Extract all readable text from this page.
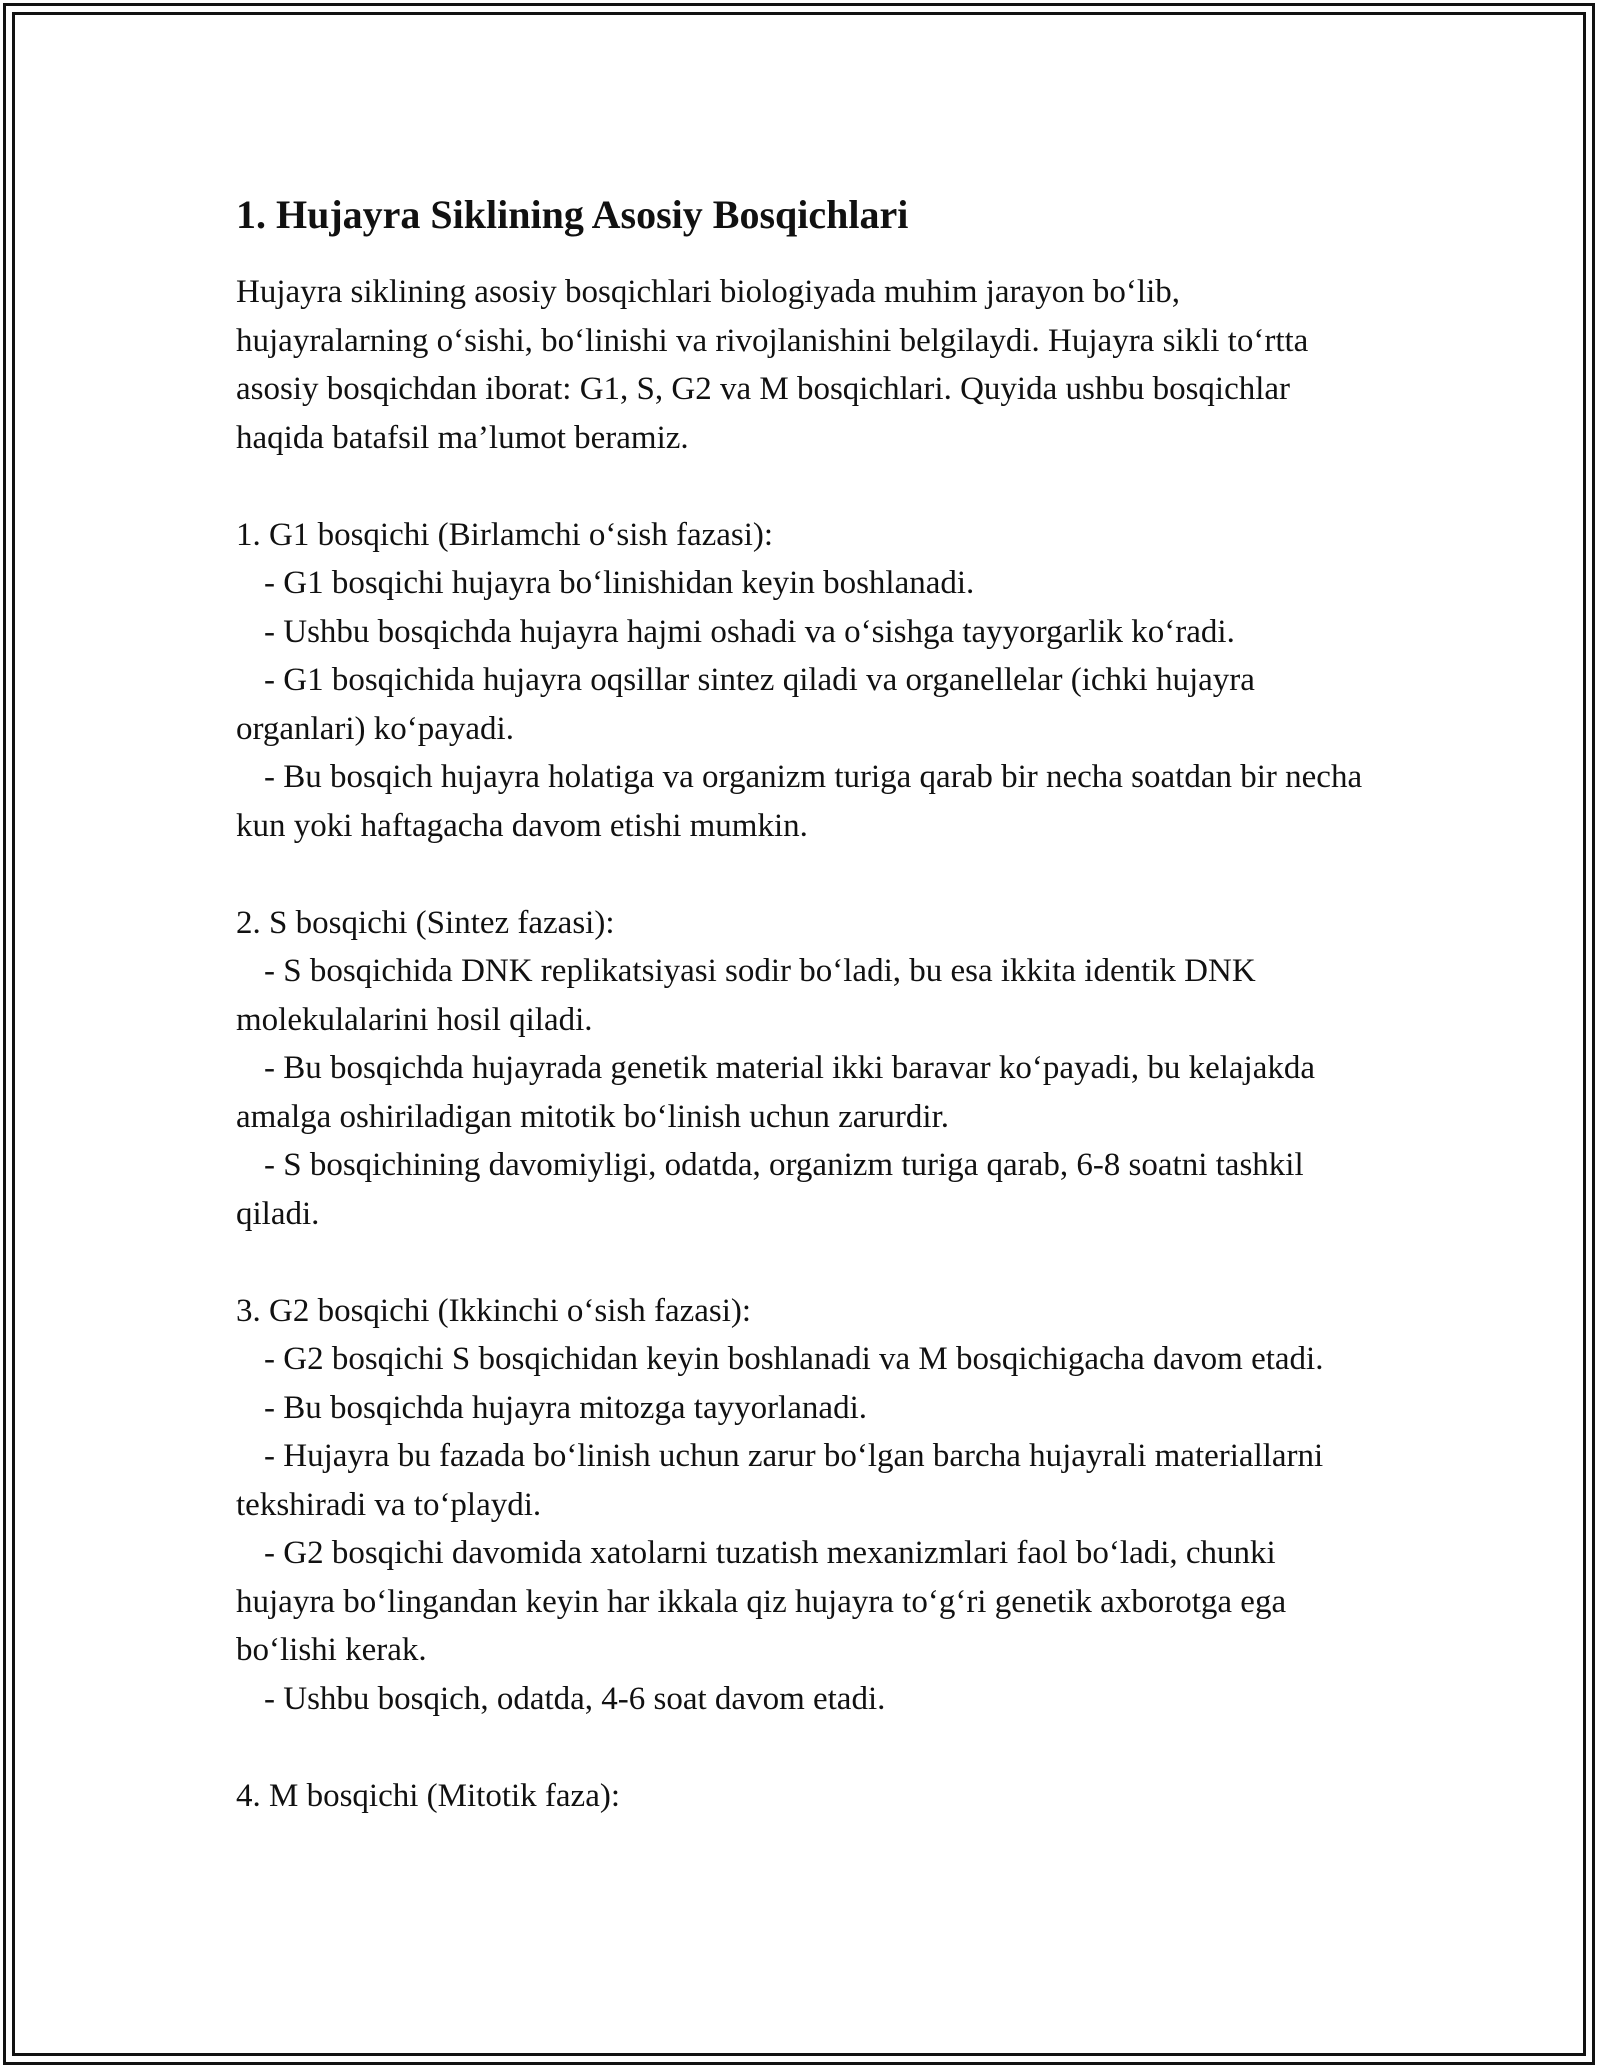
1. Hujayra Siklining Asosiy Bosqichlari

Hujayra siklining asosiy bosqichlari biologiyada muhim jarayon bo‘lib, hujayralarning o‘sishi, bo‘linishi va rivojlanishini belgilaydi. Hujayra sikli to‘rtta asosiy bosqichdan iborat: G1, S, G2 va M bosqichlari. Quyida ushbu bosqichlar haqida batafsil ma’lumot beramiz.

1. G1 bosqichi (Birlamchi o‘sish fazasi):

- G1 bosqichi hujayra bo‘linishidan keyin boshlanadi.

- Ushbu bosqichda hujayra hajmi oshadi va o‘sishga tayyorgarlik ko‘radi.

- G1 bosqichida hujayra oqsillar sintez qiladi va organellelar (ichki hujayra organlari) ko‘payadi.

- Bu bosqich hujayra holatiga va organizm turiga qarab bir necha soatdan bir necha kun yoki haftagacha davom etishi mumkin.

2. S bosqichi (Sintez fazasi):

- S bosqichida DNK replikatsiyasi sodir bo‘ladi, bu esa ikkita identik DNK molekulalarini hosil qiladi.

- Bu bosqichda hujayrada genetik material ikki baravar ko‘payadi, bu kelajakda amalga oshiriladigan mitotik bo‘linish uchun zarurdir.

- S bosqichining davomiyligi, odatda, organizm turiga qarab, 6-8 soatni tashkil qiladi.

3. G2 bosqichi (Ikkinchi o‘sish fazasi):

- G2 bosqichi S bosqichidan keyin boshlanadi va M bosqichigacha davom etadi.

- Bu bosqichda hujayra mitozga tayyorlanadi.

- Hujayra bu fazada bo‘linish uchun zarur bo‘lgan barcha hujayrali materiallarni tekshiradi va to‘playdi.

- G2 bosqichi davomida xatolarni tuzatish mexanizmlari faol bo‘ladi, chunki hujayra bo‘lingandan keyin har ikkala qiz hujayra to‘g‘ri genetik axborotga ega bo‘lishi kerak.

- Ushbu bosqich, odatda, 4-6 soat davom etadi.

4. M bosqichi (Mitotik faza):
